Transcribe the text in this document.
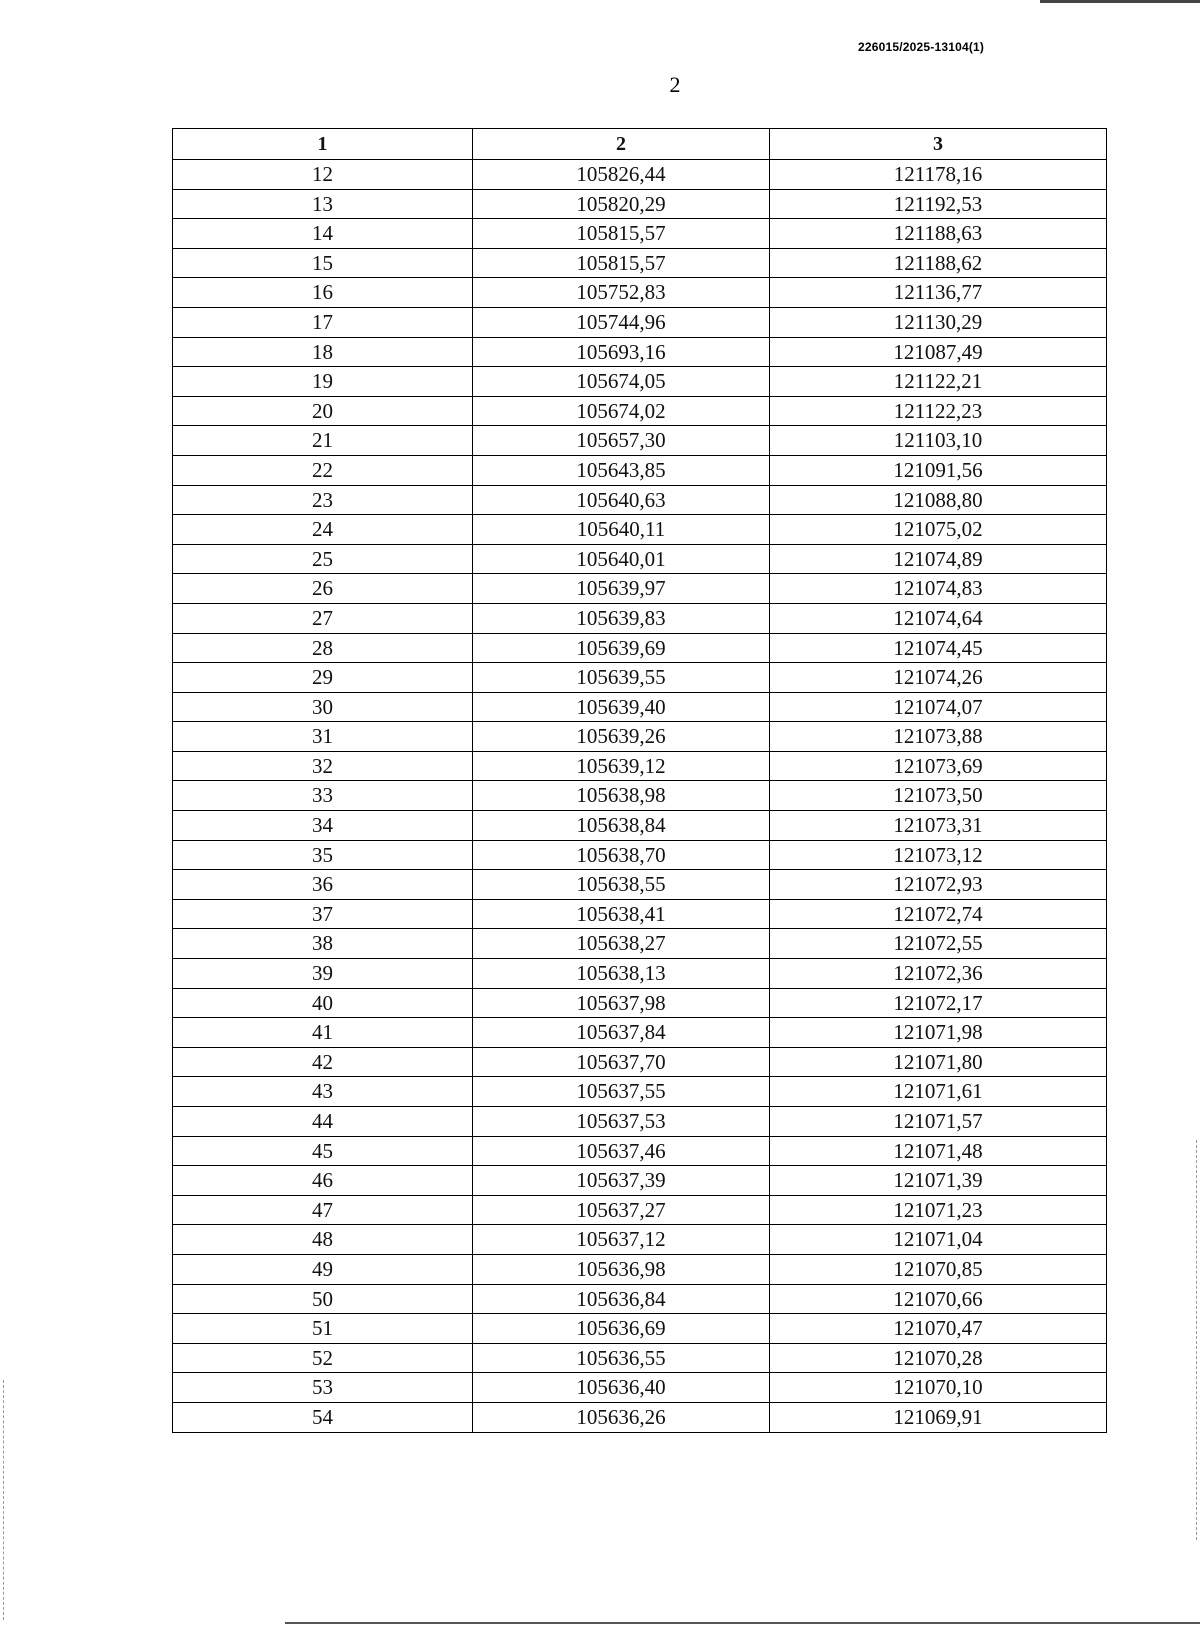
226015/2025-13104(1)
2
1	2	3
12	105826,44	121178,16
13	105820,29	121192,53
14	105815,57	121188,63
15	105815,57	121188,62
16	105752,83	121136,77
17	105744,96	121130,29
18	105693,16	121087,49
19	105674,05	121122,21
20	105674,02	121122,23
21	105657,30	121103,10
22	105643,85	121091,56
23	105640,63	121088,80
24	105640,11	121075,02
25	105640,01	121074,89
26	105639,97	121074,83
27	105639,83	121074,64
28	105639,69	121074,45
29	105639,55	121074,26
30	105639,40	121074,07
31	105639,26	121073,88
32	105639,12	121073,69
33	105638,98	121073,50
34	105638,84	121073,31
35	105638,70	121073,12
36	105638,55	121072,93
37	105638,41	121072,74
38	105638,27	121072,55
39	105638,13	121072,36
40	105637,98	121072,17
41	105637,84	121071,98
42	105637,70	121071,80
43	105637,55	121071,61
44	105637,53	121071,57
45	105637,46	121071,48
46	105637,39	121071,39
47	105637,27	121071,23
48	105637,12	121071,04
49	105636,98	121070,85
50	105636,84	121070,66
51	105636,69	121070,47
52	105636,55	121070,28
53	105636,40	121070,10
54	105636,26	121069,91
